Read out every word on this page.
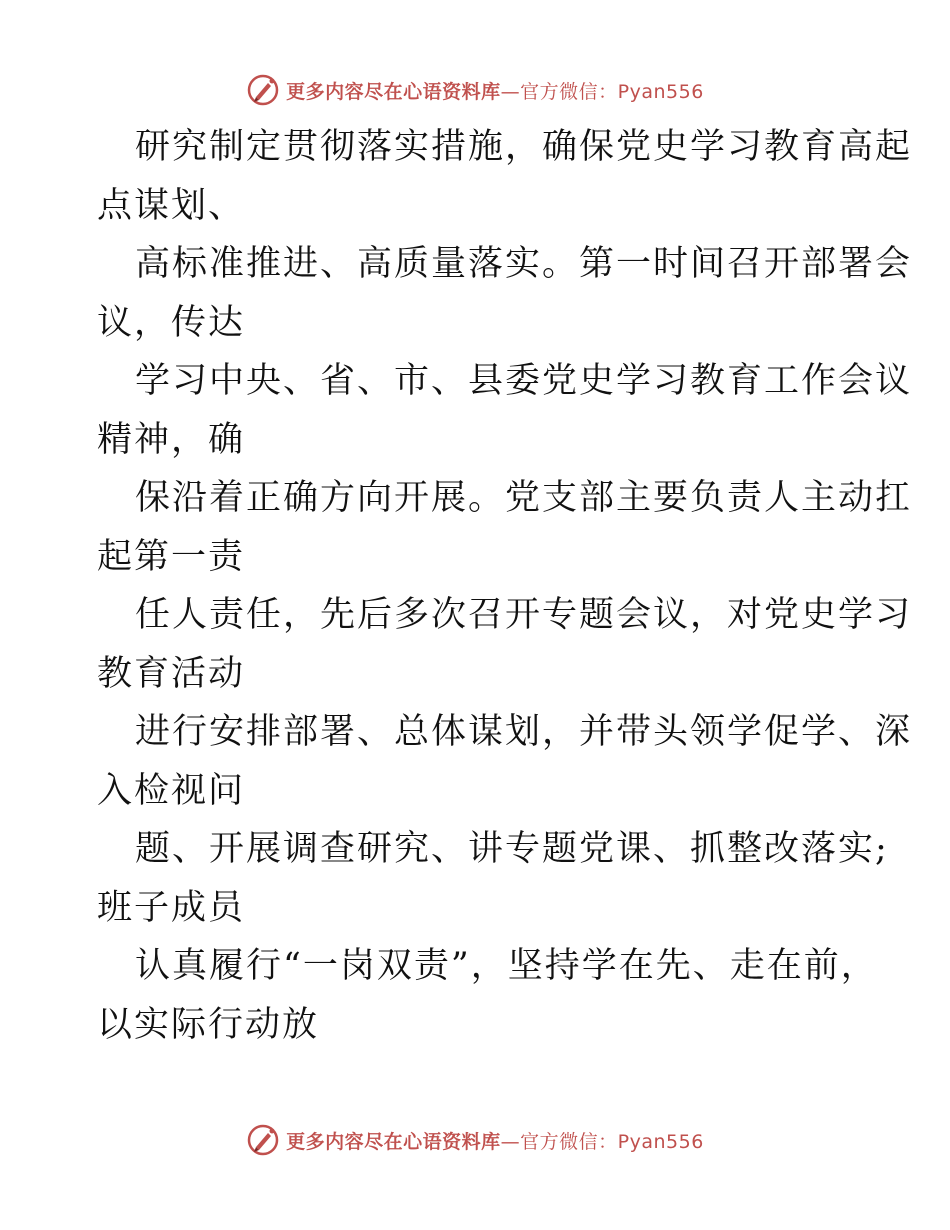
更多内容尽在心语资料库—官方微信：Pyan556
研究制定贯彻落实措施，确保党史学习教育高起
点谋划、
高标准推进、高质量落实。第一时间召开部署会
议，传达
学习中央、省、市、县委党史学习教育工作会议
精神，确
保沿着正确方向开展。党支部主要负责人主动扛
起第一责
任人责任，先后多次召开专题会议，对党史学习
教育活动
进行安排部署、总体谋划，并带头领学促学、深
入检视问
题、开展调查研究、讲专题党课、抓整改落实;
班子成员
认真履行“一岗双责”，坚持学在先、走在前，
以实际行动放
更多内容尽在心语资料库—官方微信：Pyan556
